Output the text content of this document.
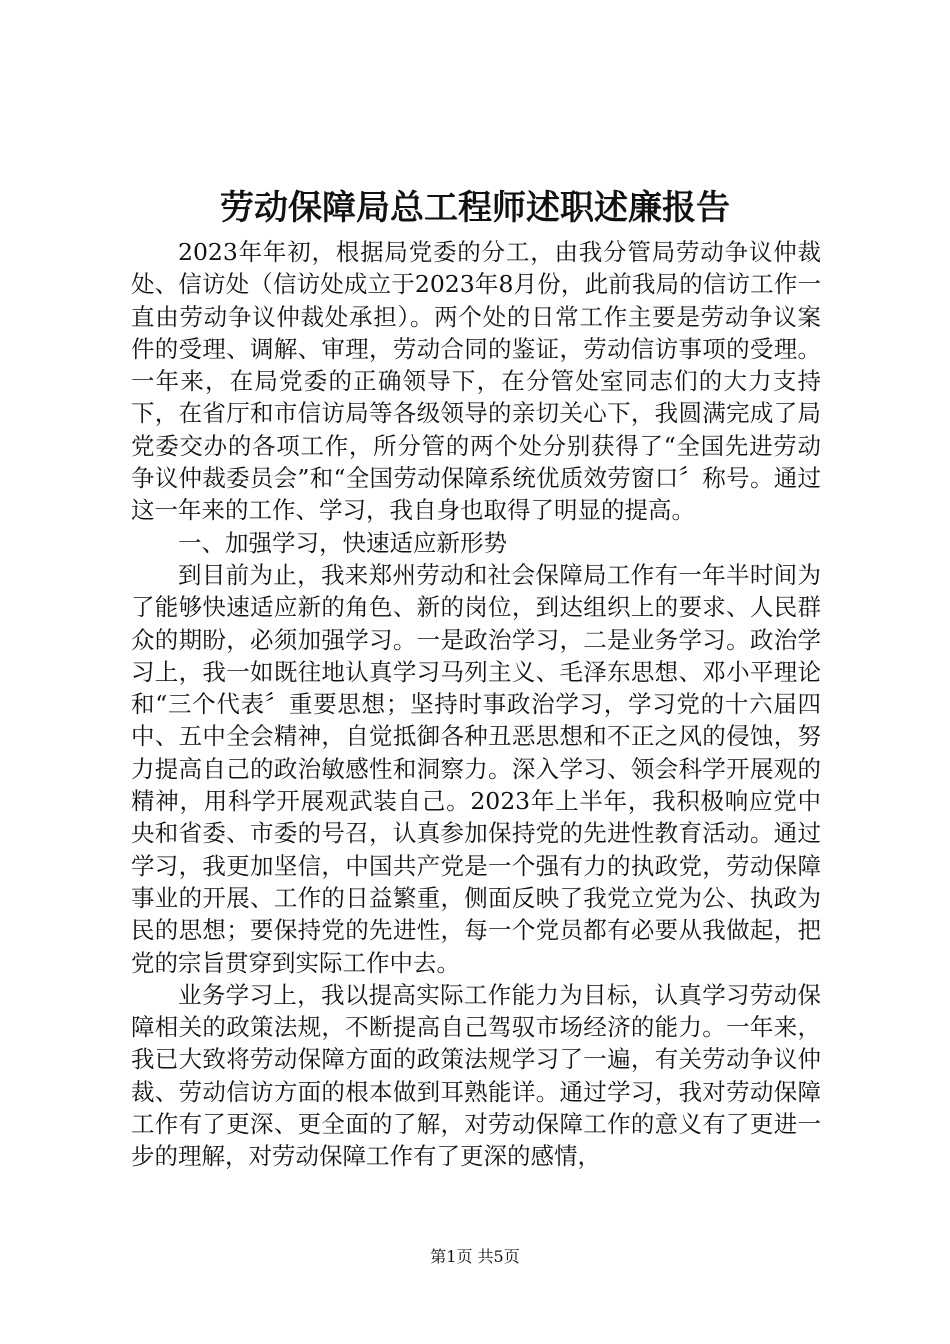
劳动保障局总工程师述职述廉报告

2023年年初，根据局党委的分工，由我分管局劳动争议仲裁处、信访处（信访处成立于2023年8月份，此前我局的信访工作一直由劳动争议仲裁处承担）。两个处的日常工作主要是劳动争议案件的受理、调解、审理，劳动合同的鉴证，劳动信访事项的受理。一年来，在局党委的正确领导下，在分管处室同志们的大力支持下，在省厅和市信访局等各级领导的亲切关心下，我圆满完成了局党委交办的各项工作，所分管的两个处分别获得了“全国先进劳动争议仲裁委员会”和“全国劳动保障系统优质效劳窗口〞称号。通过这一年来的工作、学习，我自身也取得了明显的提高。

一、加强学习，快速适应新形势

到目前为止，我来郑州劳动和社会保障局工作有一年半时间为了能够快速适应新的角色、新的岗位，到达组织上的要求、人民群众的期盼，必须加强学习。一是政治学习，二是业务学习。政治学习上，我一如既往地认真学习马列主义、毛泽东思想、邓小平理论和“三个代表〞重要思想；坚持时事政治学习，学习党的十六届四中、五中全会精神，自觉抵御各种丑恶思想和不正之风的侵蚀，努力提高自己的政治敏感性和洞察力。深入学习、领会科学开展观的精神，用科学开展观武装自己。2023年上半年，我积极响应党中央和省委、市委的号召，认真参加保持党的先进性教育活动。通过学习，我更加坚信，中国共产党是一个强有力的执政党，劳动保障事业的开展、工作的日益繁重，侧面反映了我党立党为公、执政为民的思想；要保持党的先进性，每一个党员都有必要从我做起，把党的宗旨贯穿到实际工作中去。

业务学习上，我以提高实际工作能力为目标，认真学习劳动保障相关的政策法规，不断提高自己驾驭市场经济的能力。一年来，我已大致将劳动保障方面的政策法规学习了一遍，有关劳动争议仲裁、劳动信访方面的根本做到耳熟能详。通过学习，我对劳动保障工作有了更深、更全面的了解，对劳动保障工作的意义有了更进一步的理解，对劳动保障工作有了更深的感情，

第1页 共5页
